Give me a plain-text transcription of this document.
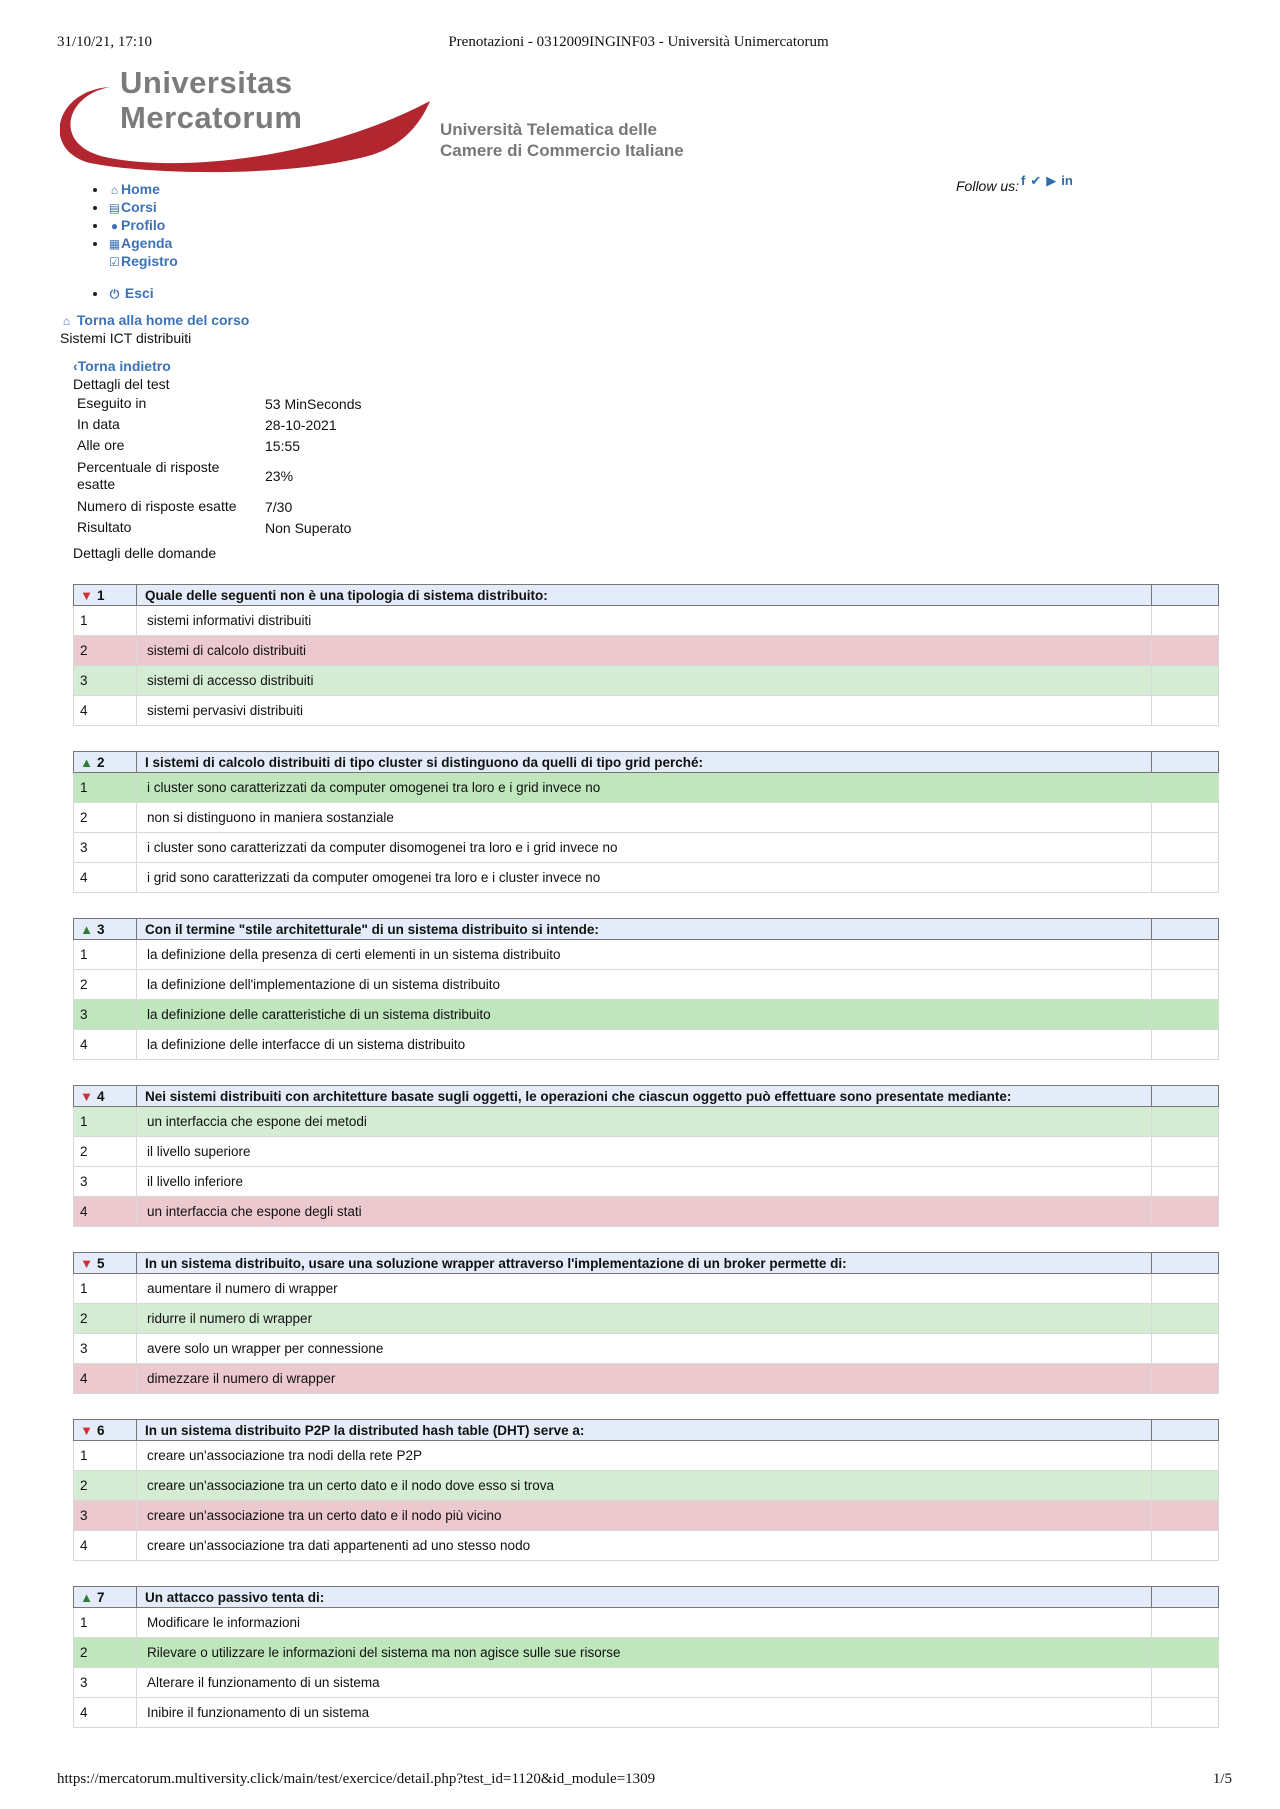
31/10/21, 17:10	Prenotazioni - 0312009INGINF03 - Università Unimercatorum
Universitas
Mercatorum	Università Telematica delle
Camere di Commercio Italiane
• ⌂ Home
• ▤Corsi
• ● Profilo
• ▦Agenda
☑Registro
• ⏻ Esci
Follow us: f ✔ ▶ in
⌂ Torna alla home del corso
Sistemi ICT distribuiti
‹Torna indietro
Dettagli del test
Eseguito in	53 MinSeconds
In data	28-10-2021
Alle ore	15:55
Percentuale di risposte esatte	23%
Numero di risposte esatte	7/30
Risultato	Non Superato
Dettagli delle domande
▼ 1	Quale delle seguenti non è una tipologia di sistema distribuito:	
1	sistemi informativi distribuiti	
2	sistemi di calcolo distribuiti	
3	sistemi di accesso distribuiti	
4	sistemi pervasivi distribuiti	
▲ 2	I sistemi di calcolo distribuiti di tipo cluster si distinguono da quelli di tipo grid perché:	
1	i cluster sono caratterizzati da computer omogenei tra loro e i grid invece no	
2	non si distinguono in maniera sostanziale	
3	i cluster sono caratterizzati da computer disomogenei tra loro e i grid invece no	
4	i grid sono caratterizzati da computer omogenei tra loro e i cluster invece no	
▲ 3	Con il termine "stile architetturale" di un sistema distribuito si intende:	
1	la definizione della presenza di certi elementi in un sistema distribuito	
2	la definizione dell'implementazione di un sistema distribuito	
3	la definizione delle caratteristiche di un sistema distribuito	
4	la definizione delle interfacce di un sistema distribuito	
▼ 4	Nei sistemi distribuiti con architetture basate sugli oggetti, le operazioni che ciascun oggetto può effettuare sono presentate mediante:	
1	un interfaccia che espone dei metodi	
2	il livello superiore	
3	il livello inferiore	
4	un interfaccia che espone degli stati	
▼ 5	In un sistema distribuito, usare una soluzione wrapper attraverso l'implementazione di un broker permette di:	
1	aumentare il numero di wrapper	
2	ridurre il numero di wrapper	
3	avere solo un wrapper per connessione	
4	dimezzare il numero di wrapper	
▼ 6	In un sistema distribuito P2P la distributed hash table (DHT) serve a:	
1	creare un'associazione tra nodi della rete P2P	
2	creare un'associazione tra un certo dato e il nodo dove esso si trova	
3	creare un'associazione tra un certo dato e il nodo più vicino	
4	creare un'associazione tra dati appartenenti ad uno stesso nodo	
▲ 7	Un attacco passivo tenta di:	
1	Modificare le informazioni	
2	Rilevare o utilizzare le informazioni del sistema ma non agisce sulle sue risorse	
3	Alterare il funzionamento di un sistema	
4	Inibire il funzionamento di un sistema	
https://mercatorum.multiversity.click/main/test/exercice/detail.php?test_id=1120&id_module=1309	1/5
